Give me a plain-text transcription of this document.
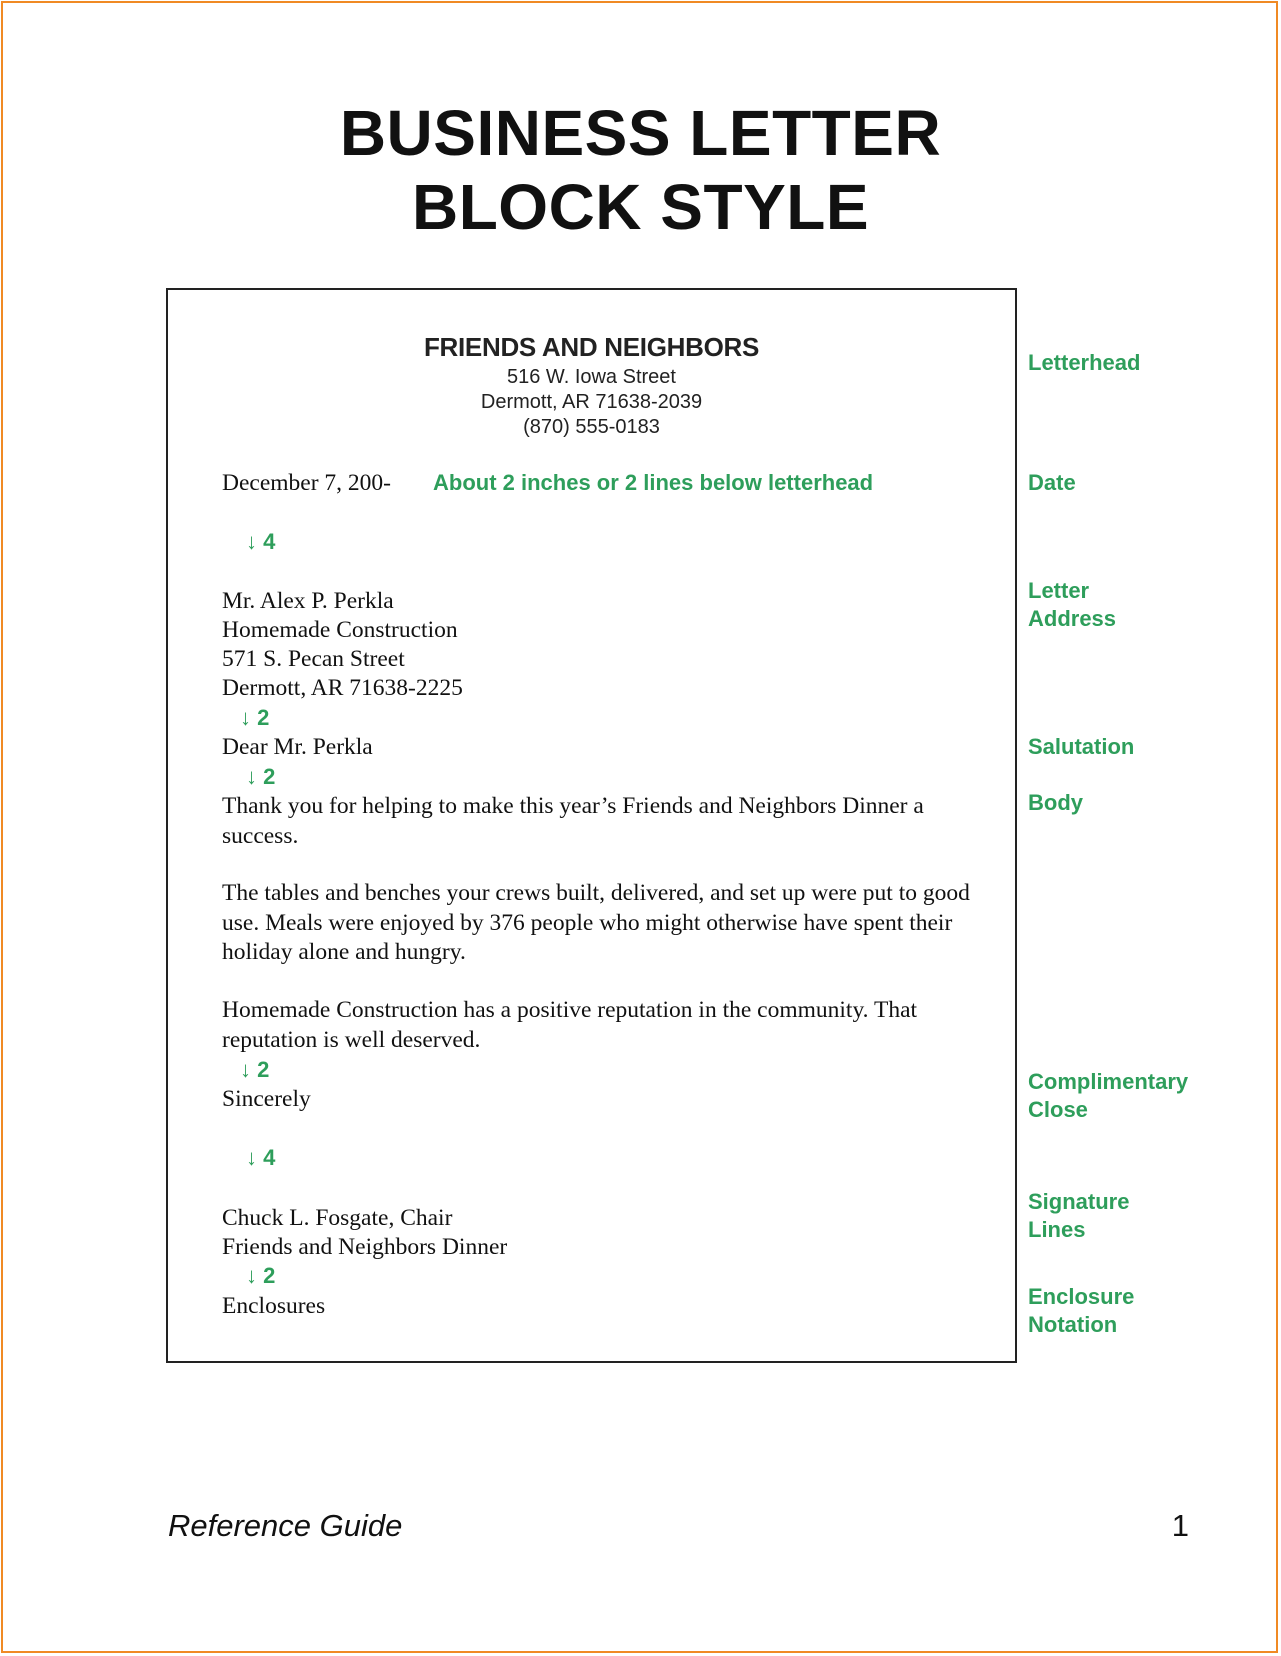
BUSINESS LETTER
BLOCK STYLE
FRIENDS AND NEIGHBORS
516 W. Iowa Street
Dermott, AR 71638-2039
(870) 555-0183
December 7, 200- About 2 inches or 2 lines below letterhead
↓ 4
Mr. Alex P. Perkla
Homemade Construction
571 S. Pecan Street
Dermott, AR 71638-2225
↓ 2
Dear Mr. Perkla
↓ 2
Thank you for helping to make this year’s Friends and Neighbors Dinner a success.
The tables and benches your crews built, delivered, and set up were put to good use. Meals were enjoyed by 376 people who might otherwise have spent their holiday alone and hungry.
Homemade Construction has a positive reputation in the community. That reputation is well deserved.
↓ 2
Sincerely
↓ 4
Chuck L. Fosgate, Chair
Friends and Neighbors Dinner
↓ 2
Enclosures
Letterhead
Date
Letter
Address
Salutation
Body
Complimentary
Close
Signature
Lines
Enclosure
Notation
Reference Guide	1
